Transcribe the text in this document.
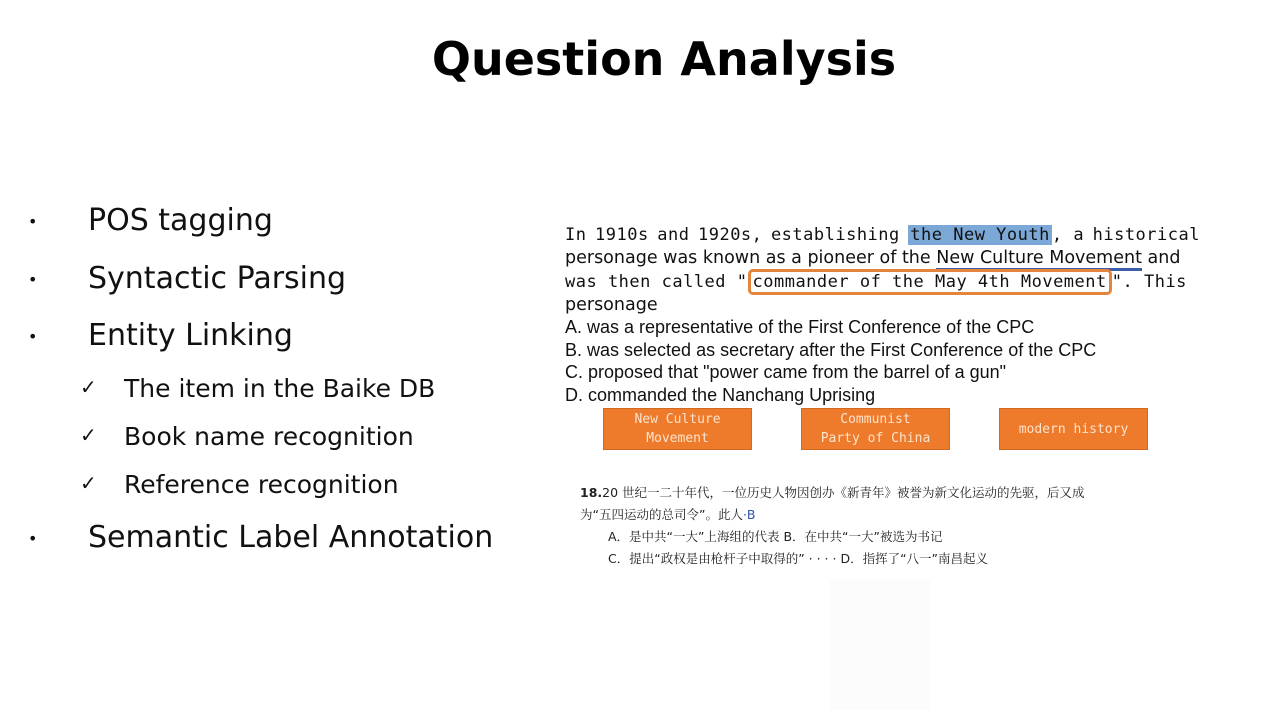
Question Analysis
• POS tagging
• Syntactic Parsing
• Entity Linking
✓ The item in the Baike DB
✓ Book name recognition
✓ Reference recognition
• Semantic Label Annotation
In 1910s and 1920s, establishing the New Youth , a historical
personage was known as a pioneer of the New Culture Movement and
was then called " commander of the May 4th Movement ". This
personage
A. was a representative of the First Conference of the CPC
B. was selected as secretary after the First Conference of the CPC
C. proposed that "power came from the barrel of a gun"
D. commanded the Nanchang Uprising
New Culture
Movement
Communist
Party of China
modern history
18.20 世纪一二十年代，一位历史人物因创办《新青年》被誉为新文化运动的先驱，后又成
为“五四运动的总司令”。此人·B
A．是中共“一大”上海组的代表 B．在中共“一大”被选为书记
C．提出“政权是由枪杆子中取得的” · · · · D．指挥了“八一”南昌起义
